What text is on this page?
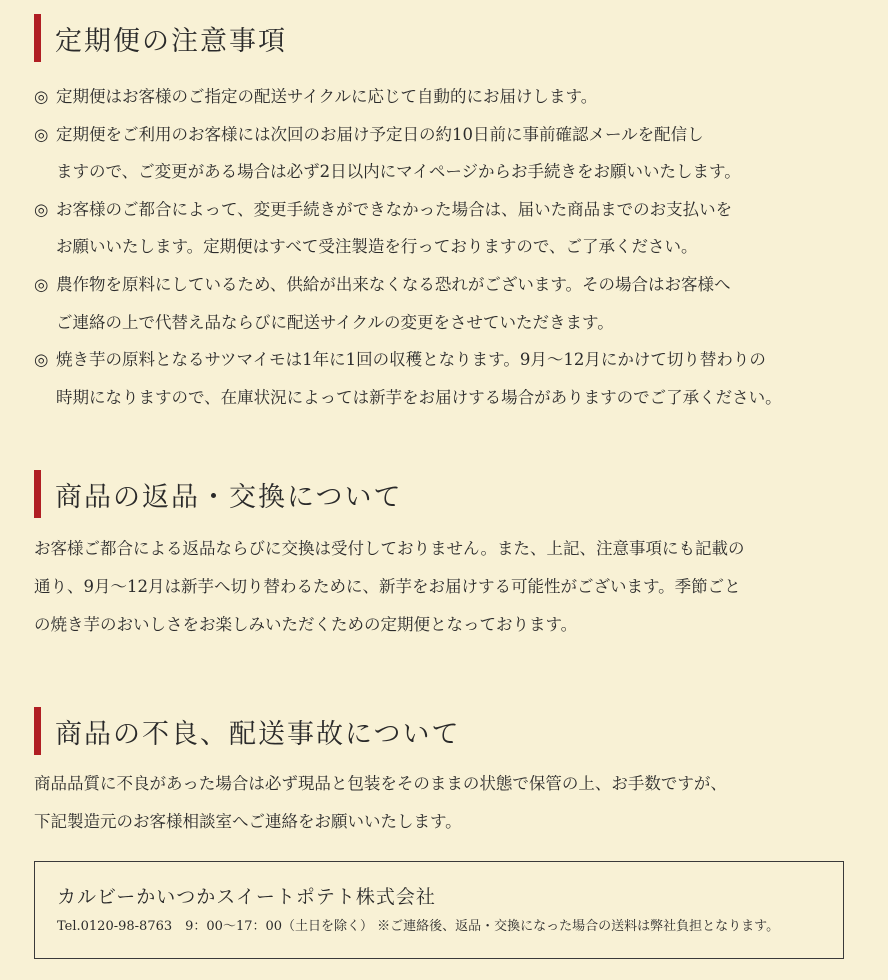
定期便の注意事項
◎ 定期便はお客様のご指定の配送サイクルに応じて自動的にお届けします。
◎ 定期便をご利用のお客様には次回のお届け予定日の約10日前に事前確認メールを配信し
ますので、ご変更がある場合は必ず2日以内にマイページからお手続きをお願いいたします。
◎ お客様のご都合によって、変更手続きができなかった場合は、届いた商品までのお支払いを
お願いいたします。定期便はすべて受注製造を行っておりますので、ご了承ください。
◎ 農作物を原料にしているため、供給が出来なくなる恐れがございます。その場合はお客様へ
ご連絡の上で代替え品ならびに配送サイクルの変更をさせていただきます。
◎ 焼き芋の原料となるサツマイモは1年に1回の収穫となります。9月〜12月にかけて切り替わりの
時期になりますので、在庫状況によっては新芋をお届けする場合がありますのでご了承ください。
商品の返品・交換について

お客様ご都合による返品ならびに交換は受付しておりません。また、上記、注意事項にも記載の
通り、9月〜12月は新芋へ切り替わるために、新芋をお届けする可能性がございます。季節ごと
の焼き芋のおいしさをお楽しみいただくための定期便となっております。

商品の不良、配送事故について

商品品質に不良があった場合は必ず現品と包装をそのままの状態で保管の上、お手数ですが、
下記製造元のお客様相談室へご連絡をお願いいたします。

カルビーかいつかスイートポテト株式会社
Tel.0120-98-8763　9：00〜17：00（土日を除く） ※ご連絡後、返品・交換になった場合の送料は弊社負担となります。
